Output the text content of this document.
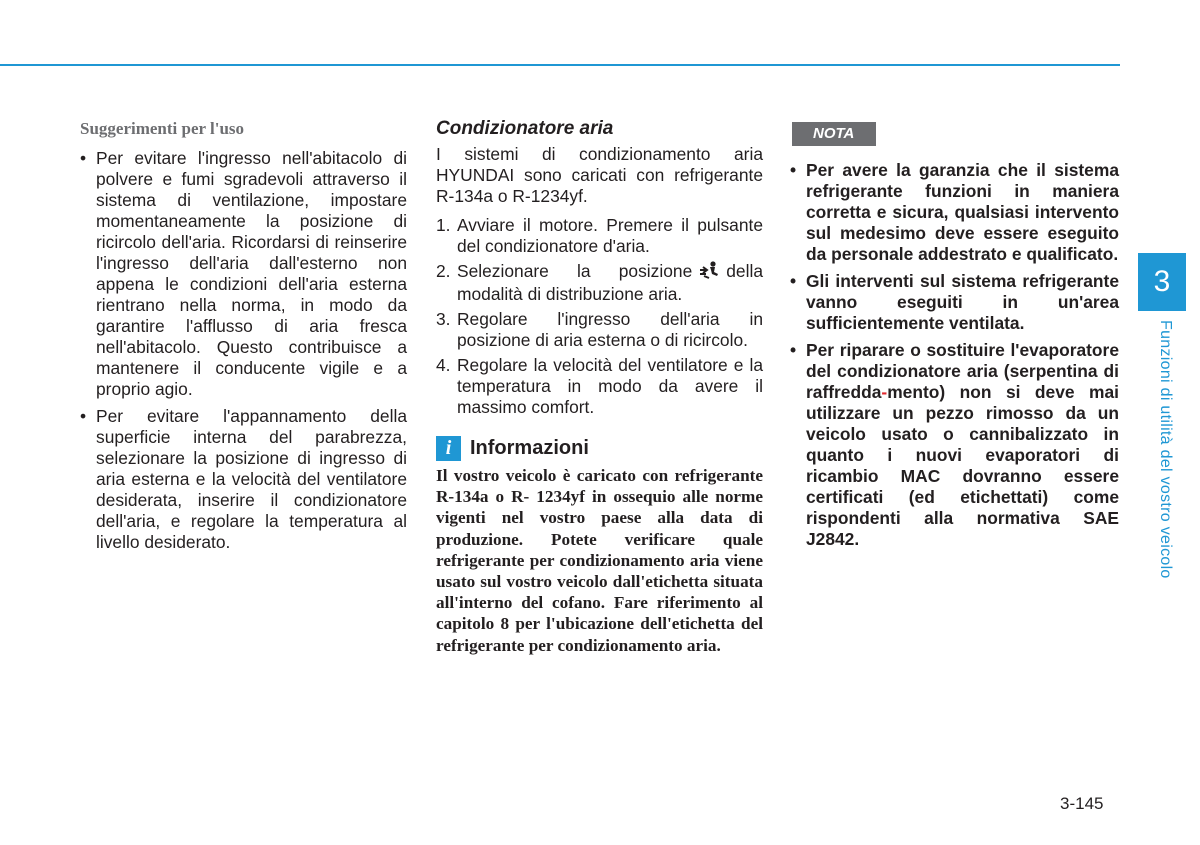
Suggerimenti per l'uso
• Per evitare l'ingresso nell'abitacolo di polvere e fumi sgradevoli attraverso il sistema di ventilazione, impostare momentaneamente la posizione di ricircolo dell'aria. Ricordarsi di reinserire l'ingresso dell'aria dall'esterno non appena le condizioni dell'aria esterna rientrano nella norma, in modo da garantire l'afflusso di aria fresca nell'abitacolo. Questo contribuisce a mantenere il conducente vigile e a proprio agio.
• Per evitare l'appannamento della superficie interna del parabrezza, selezionare la posizione di ingresso di aria esterna e la velocità del ventilatore desiderata, inserire il condizionatore dell'aria, e regolare la temperatura al livello desiderato.
Condizionatore aria

I sistemi di condizionamento aria HYUNDAI sono caricati con refrigerante R-134a o R-1234yf.

1. Avviare il motore. Premere il pulsante del condizionatore d'aria.
2. Selezionare la posizione della modalità di distribuzione aria.
3. Regolare l'ingresso dell'aria in posizione di aria esterna o di ricircolo.
4. Regolare la velocità del ventilatore e la temperatura in modo da avere il massimo comfort.
i Informazioni

Il vostro veicolo è caricato con refrigerante R-134a o R- 1234yf in ossequio alle norme vigenti nel vostro paese alla data di produzione. Potete verificare quale refrigerante per condizionamento aria viene usato sul vostro veicolo dall'etichetta situata all'interno del cofano. Fare riferimento al capitolo 8 per l'ubicazione dell'etichetta del refrigerante per condizionamento aria.

NOTA
• Per avere la garanzia che il sistema refrigerante funzioni in maniera corretta e sicura, qualsiasi intervento sul medesimo deve essere eseguito da personale addestrato e qualificato.
• Gli interventi sul sistema refrigerante vanno eseguiti in un'area sufficientemente ventilata.
• Per riparare o sostituire l'evaporatore del condizionatore aria (serpentina di raffredda-mento) non si deve mai utilizzare un pezzo rimosso da un veicolo usato o cannibalizzato in quanto i nuovi evaporatori di ricambio MAC dovranno essere certificati (ed etichettati) come rispondenti alla normativa SAE J2842.
3
Funzioni di utilità del vostro veicolo
3-145
